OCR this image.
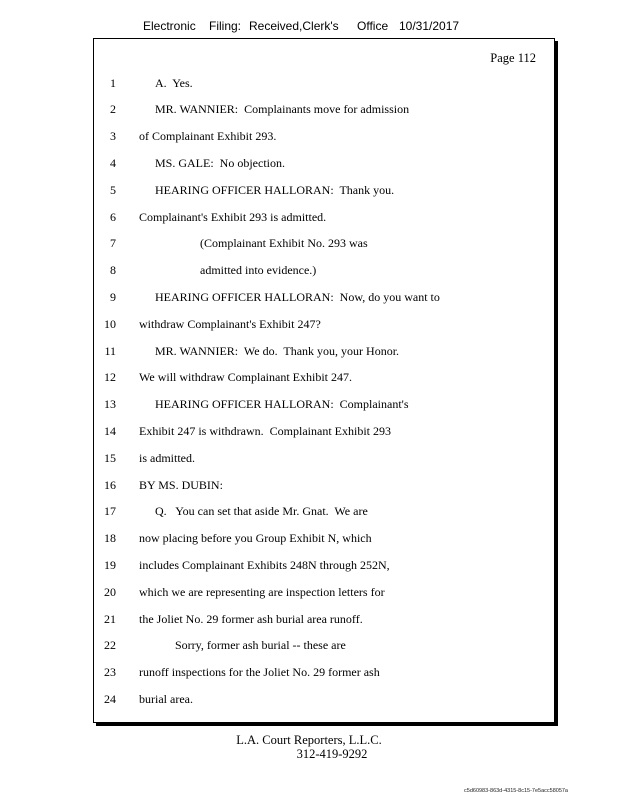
Electronic Filing: Received,Clerk's Office 10/31/2017
Page 112
1	A.  Yes.
2	MR. WANNIER:  Complainants move for admission
3 of Complainant Exhibit 293.
4	MS. GALE:  No objection.
5	HEARING OFFICER HALLORAN:  Thank you.
6 Complainant's Exhibit 293 is admitted.
7	(Complainant Exhibit No. 293 was
8	admitted into evidence.)
9	HEARING OFFICER HALLORAN:  Now, do you want to
10 withdraw Complainant's Exhibit 247?
11	MR. WANNIER:  We do.  Thank you, your Honor.
12 We will withdraw Complainant Exhibit 247.
13	HEARING OFFICER HALLORAN:  Complainant's
14 Exhibit 247 is withdrawn.  Complainant Exhibit 293
15 is admitted.
16 BY MS. DUBIN:
17	Q.   You can set that aside Mr. Gnat.  We are
18 now placing before you Group Exhibit N, which
19 includes Complainant Exhibits 248N through 252N,
20 which we are representing are inspection letters for
21 the Joliet No. 29 former ash burial area runoff.
22	Sorry, former ash burial -- these are
23 runoff inspections for the Joliet No. 29 former ash
24 burial area.
L.A. Court Reporters, L.L.C.
312-419-9292
c5d60983-863d-4315-8c15-7e5acc58057a
